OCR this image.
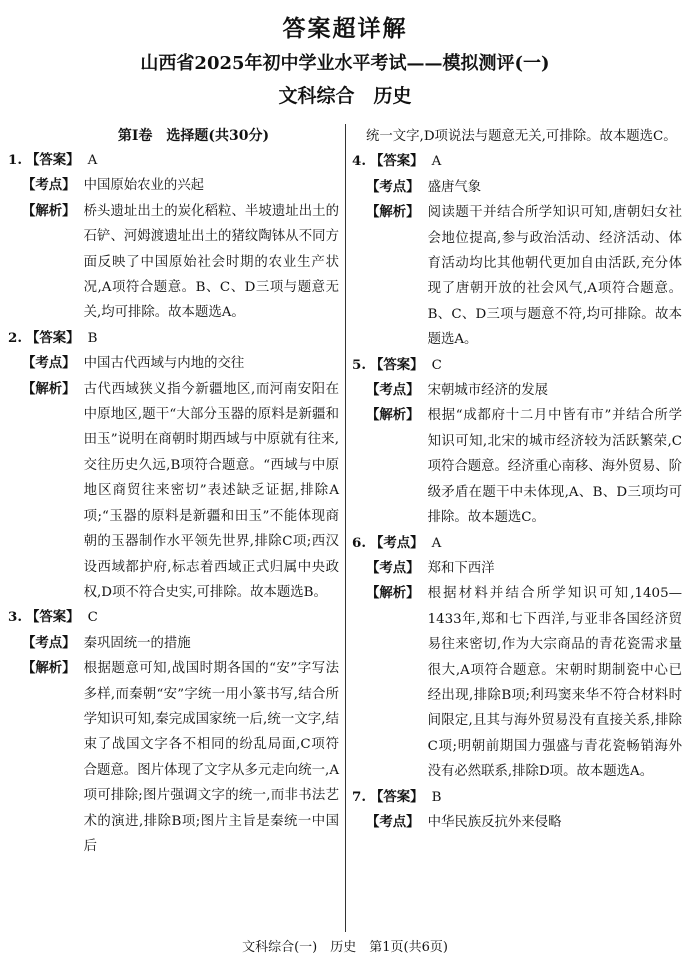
答案超详解
山西省2025年初中学业水平考试——模拟测评(一)
文科综合　历史
第Ⅰ卷　选择题(共30分)
1. 【答案】 A
【考点】 中国原始农业的兴起
【解析】 桥头遗址出土的炭化稻粒、半坡遗址出土的石铲、河姆渡遗址出土的猪纹陶钵从不同方面反映了中国原始社会时期的农业生产状况,A项符合题意。B、C、D三项与题意无关,均可排除。故本题选A。
2. 【答案】 B
【考点】 中国古代西域与内地的交往
【解析】 古代西域狭义指今新疆地区,而河南安阳在中原地区,题干“大部分玉器的原料是新疆和田玉”说明在商朝时期西域与中原就有往来,交往历史久远,B项符合题意。“西域与中原地区商贸往来密切”表述缺乏证据,排除A项;“玉器的原料是新疆和田玉”不能体现商朝的玉器制作水平领先世界,排除C项;西汉设西域都护府,标志着西域正式归属中央政权,D项不符合史实,可排除。故本题选B。
3. 【答案】 C
【考点】 秦巩固统一的措施
【解析】 根据题意可知,战国时期各国的“安”字写法多样,而秦朝“安”字统一用小篆书写,结合所学知识可知,秦完成国家统一后,统一文字,结束了战国文字各不相同的纷乱局面,C项符合题意。图片体现了文字从多元走向统一,A项可排除;图片强调文字的统一,而非书法艺术的演进,排除B项;图片主旨是秦统一中国后
统一文字,D项说法与题意无关,可排除。故本题选C。
4. 【答案】 A
【考点】 盛唐气象
【解析】 阅读题干并结合所学知识可知,唐朝妇女社会地位提高,参与政治活动、经济活动、体育活动均比其他朝代更加自由活跃,充分体现了唐朝开放的社会风气,A项符合题意。B、C、D三项与题意不符,均可排除。故本题选A。
5. 【答案】 C
【考点】 宋朝城市经济的发展
【解析】 根据“成都府十二月中皆有市”并结合所学知识可知,北宋的城市经济较为活跃繁荣,C项符合题意。经济重心南移、海外贸易、阶级矛盾在题干中未体现,A、B、D三项均可排除。故本题选C。
6. 【考点】 A
【考点】 郑和下西洋
【解析】 根据材料并结合所学知识可知,1405—1433年,郑和七下西洋,与亚非各国经济贸易往来密切,作为大宗商品的青花瓷需求量很大,A项符合题意。宋朝时期制瓷中心已经出现,排除B项;利玛窦来华不符合材料时间限定,且其与海外贸易没有直接关系,排除C项;明朝前期国力强盛与青花瓷畅销海外没有必然联系,排除D项。故本题选A。
7. 【答案】 B
【考点】 中华民族反抗外来侵略
文科综合(一)　历史　第1页(共6页)
